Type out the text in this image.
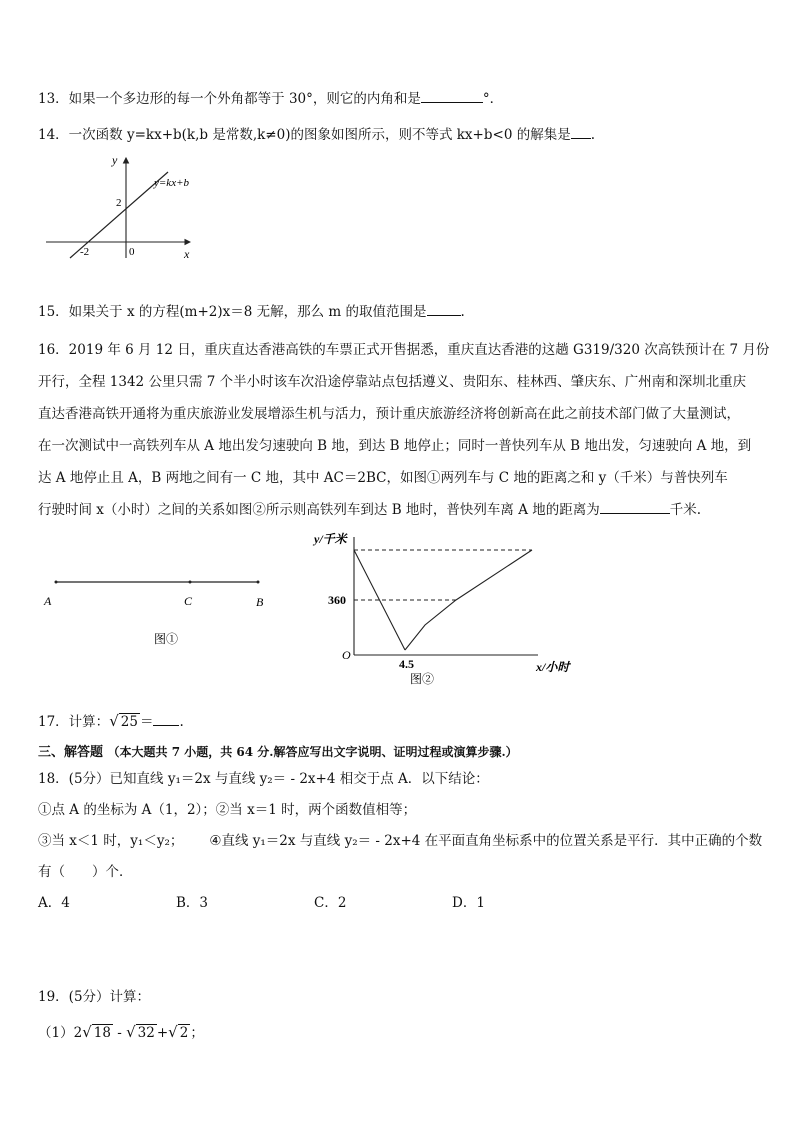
13．如果一个多边形的每一个外角都等于 30°，则它的内角和是	°．
14．一次函数 y=kx+b(k,b 是常数,k≠0)的图象如图所示，则不等式 kx+b<0 的解集是 .
y
x
y=kx+b
2
-2	0
15．如果关于 x 的方程(m+2)x＝8 无解，那么 m 的取值范围是	.
16．2019 年 6 月 12 日，重庆直达香港高铁的车票正式开售据悉，重庆直达香港的这趟 G319/320 次高铁预计在 7 月份
开行，全程 1342 公里只需 7 个半小时该车次沿途停靠站点包括遵义、贵阳东、桂林西、肇庆东、广州南和深圳北重庆
直达香港高铁开通将为重庆旅游业发展增添生机与活力，预计重庆旅游经济将创新高在此之前技术部门做了大量测试，
在一次测试中一高铁列车从 A 地出发匀速驶向 B 地，到达 B 地停止；同时一普快列车从 B 地出发，匀速驶向 A 地，到
达 A 地停止且 A，B 两地之间有一 C 地，其中 AC＝2BC，如图①两列车与 C 地的距离之和 y（千米）与普快列车
行驶时间 x（小时）之间的关系如图②所示则高铁列车到达 B 地时，普快列车离 A 地的距离为	千米.
A	C	B
图①
y/千米
360
O
4.5	x/小时
图②
17．计算：√ 25 ＝ .
三、解答题 （本大题共 7 小题，共 64 分.解答应写出文字说明、证明过程或演算步骤.）
18．(5分）已知直线 y₁＝2x 与直线 y₂＝ - 2x+4 相交于点 A．以下结论：
①点 A 的坐标为 A（1，2）；②当 x＝1 时，两个函数值相等；
③当 x＜1 时，y₁＜y₂； ④直线 y₁＝2x 与直线 y₂＝ - 2x+4 在平面直角坐标系中的位置关系是平行．其中正确的个数
有（　　）个．
A．4	B．3	C．2	D．1
19．(5分）计算：
（1）2√ 18 - √ 32 +√ 2 ；
